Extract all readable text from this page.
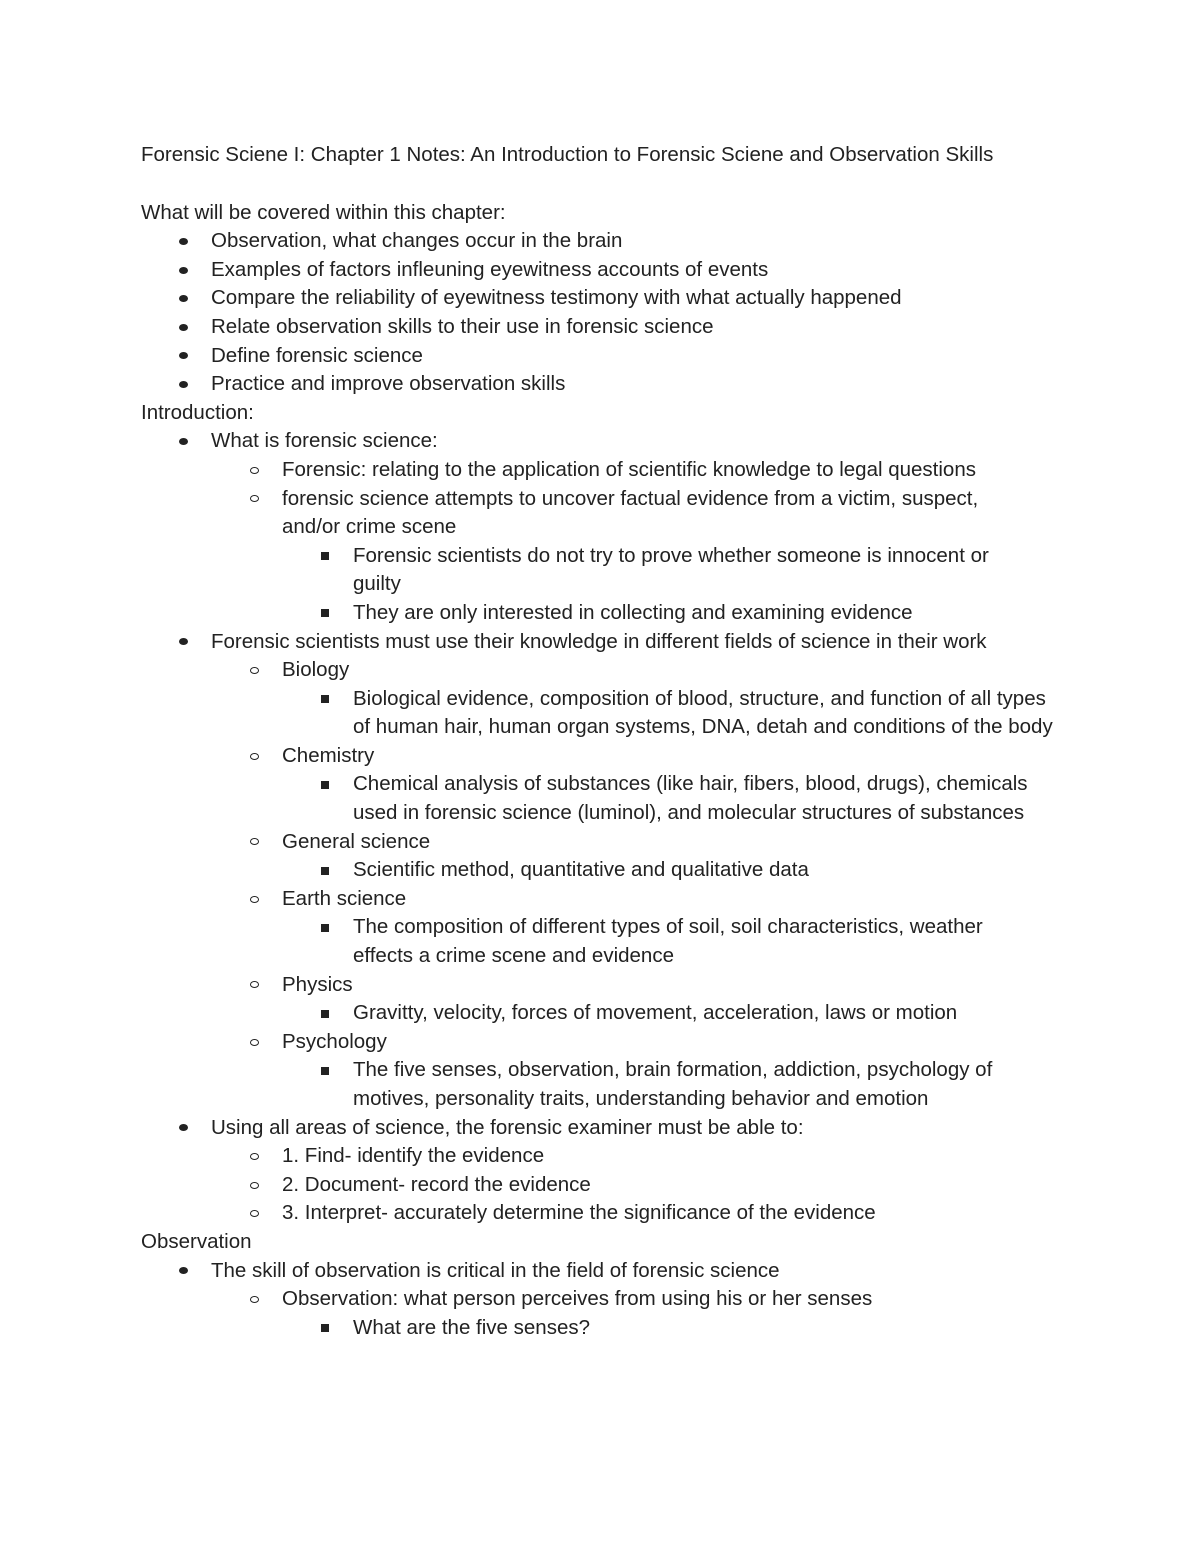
Forensic Sciene I: Chapter 1 Notes: An Introduction to Forensic Sciene and Observation Skills
What will be covered within this chapter:
Observation, what changes occur in the brain
Examples of factors infleuning eyewitness accounts of events
Compare the reliability of eyewitness testimony with what actually happened
Relate observation skills to their use in forensic science
Define forensic science
Practice and improve observation skills
Introduction:
What is forensic science:
Forensic: relating to the application of scientific knowledge to legal questions
forensic science attempts to uncover factual evidence from a victim, suspect, and/or crime scene
Forensic scientists do not try to prove whether someone is innocent or guilty
They are only interested in collecting and examining evidence
Forensic scientists must use their knowledge in different fields of science in their work
Biology
Biological evidence, composition of blood, structure, and function of all types of human hair, human organ systems, DNA, detah and conditions of the body
Chemistry
Chemical analysis of substances (like hair, fibers, blood, drugs), chemicals used in forensic science (luminol), and molecular structures of substances
General science
Scientific method, quantitative and qualitative data
Earth science
The composition of different types of soil, soil characteristics, weather effects a crime scene and evidence
Physics
Gravitty, velocity, forces of movement, acceleration, laws or motion
Psychology
The five senses, observation, brain formation, addiction, psychology of motives, personality traits, understanding behavior and emotion
Using all areas of science, the forensic examiner must be able to:
1. Find- identify the evidence
2. Document- record the evidence
3. Interpret- accurately determine the significance of the evidence
Observation
The skill of observation is critical in the field of forensic science
Observation: what person perceives from using his or her senses
What are the five senses?
